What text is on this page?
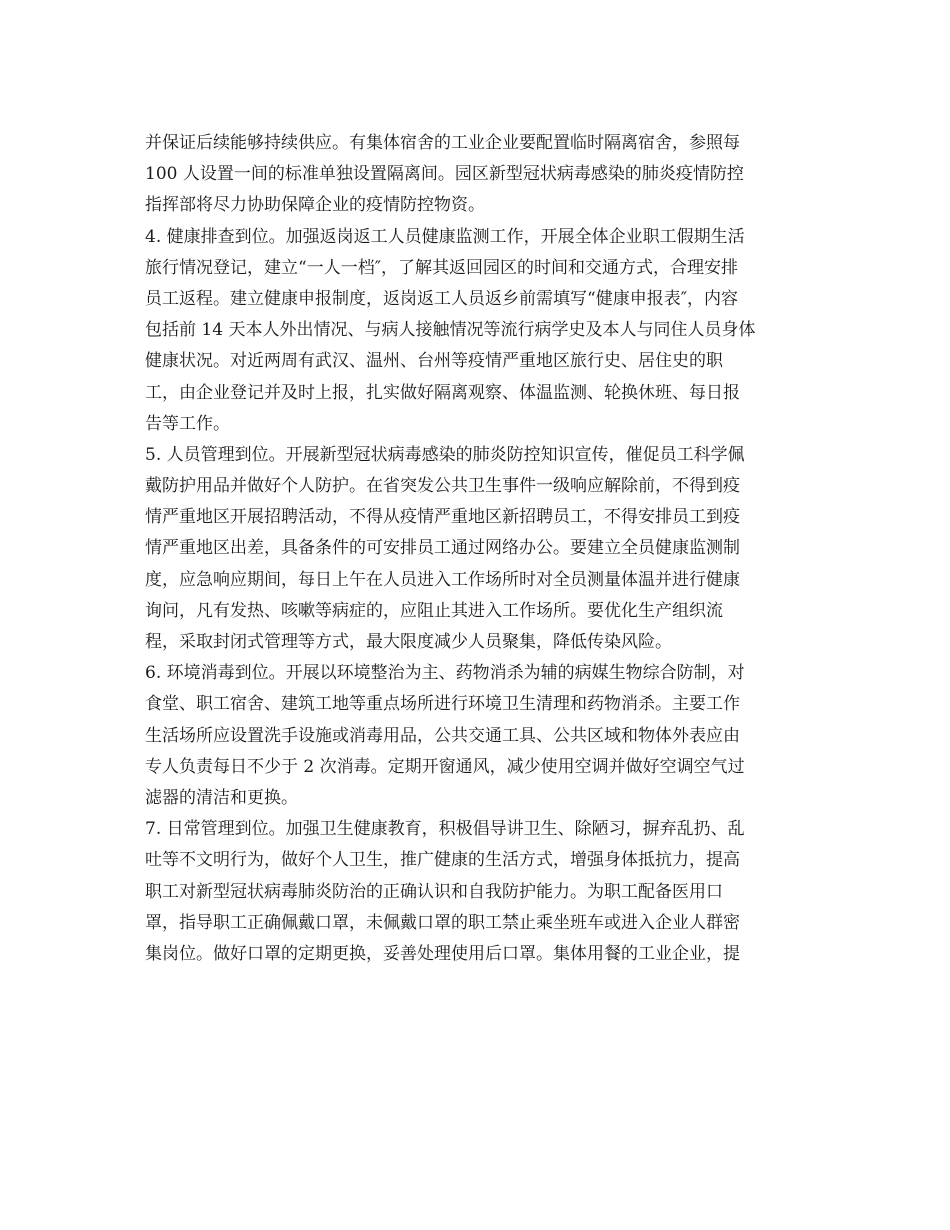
并保证后续能够持续供应。有集体宿舍的工业企业要配置临时隔离宿舍，参照每
100 人设置一间的标准单独设置隔离间。园区新型冠状病毒感染的肺炎疫情防控
指挥部将尽力协助保障企业的疫情防控物资。
4. 健康排查到位。加强返岗返工人员健康监测工作，开展全体企业职工假期生活
旅行情况登记，建立“一人一档″，了解其返回园区的时间和交通方式，合理安排
员工返程。建立健康申报制度，返岗返工人员返乡前需填写“健康申报表″，内容
包括前 14 天本人外出情况、与病人接触情况等流行病学史及本人与同住人员身体
健康状况。对近两周有武汉、温州、台州等疫情严重地区旅行史、居住史的职
工，由企业登记并及时上报，扎实做好隔离观察、体温监测、轮换休班、每日报
告等工作。
5. 人员管理到位。开展新型冠状病毒感染的肺炎防控知识宣传，催促员工科学佩
戴防护用品并做好个人防护。在省突发公共卫生事件一级响应解除前，不得到疫
情严重地区开展招聘活动，不得从疫情严重地区新招聘员工，不得安排员工到疫
情严重地区出差，具备条件的可安排员工通过网络办公。要建立全员健康监测制
度，应急响应期间，每日上午在人员进入工作场所时对全员测量体温并进行健康
询问，凡有发热、咳嗽等病症的，应阻止其进入工作场所。要优化生产组织流
程，采取封闭式管理等方式，最大限度减少人员聚集，降低传染风险。
6. 环境消毒到位。开展以环境整治为主、药物消杀为辅的病媒生物综合防制，对
食堂、职工宿舍、建筑工地等重点场所进行环境卫生清理和药物消杀。主要工作
生活场所应设置洗手设施或消毒用品，公共交通工具、公共区域和物体外表应由
专人负责每日不少于 2 次消毒。定期开窗通风，减少使用空调并做好空调空气过
滤器的清洁和更换。
7. 日常管理到位。加强卫生健康教育，积极倡导讲卫生、除陋习，摒弃乱扔、乱
吐等不文明行为，做好个人卫生，推广健康的生活方式，增强身体抵抗力，提高
职工对新型冠状病毒肺炎防治的正确认识和自我防护能力。为职工配备医用口
罩，指导职工正确佩戴口罩，未佩戴口罩的职工禁止乘坐班车或进入企业人群密
集岗位。做好口罩的定期更换，妥善处理使用后口罩。集体用餐的工业企业，提
